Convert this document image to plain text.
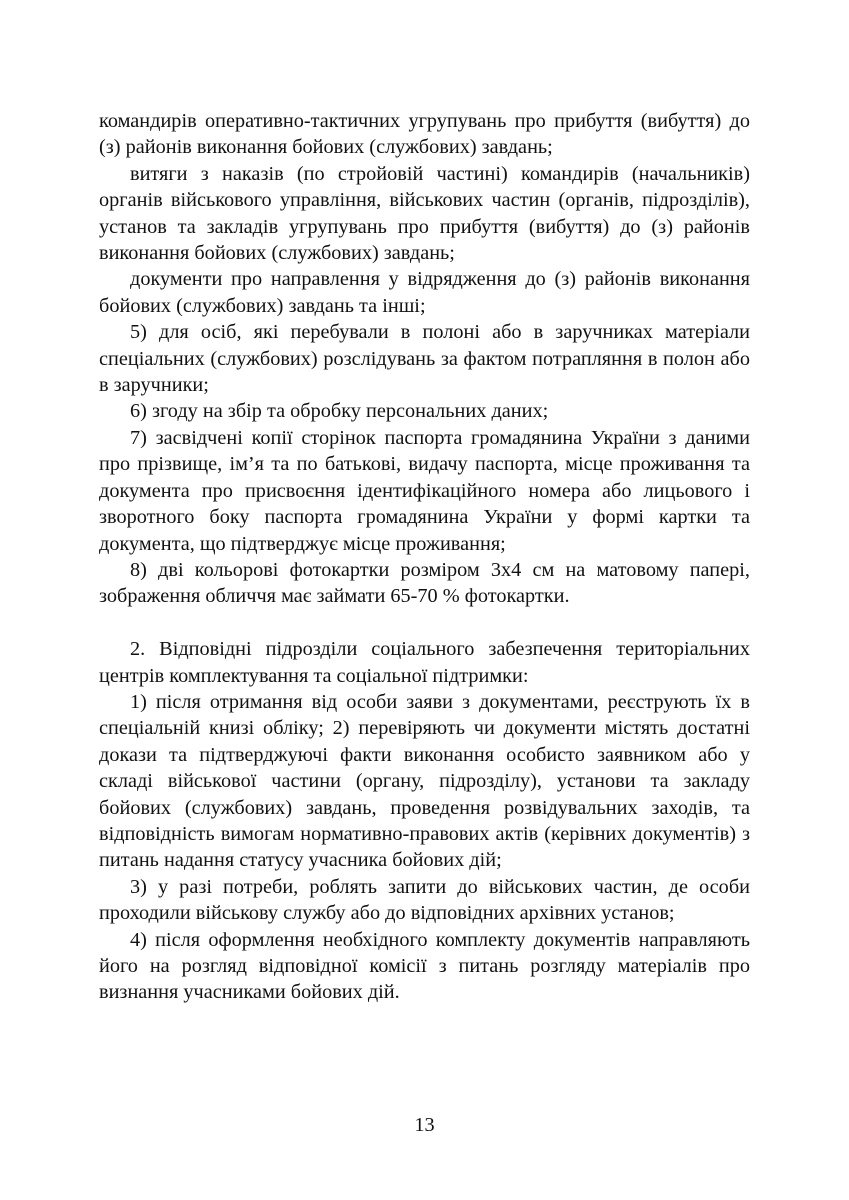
командирів оперативно-тактичних угрупувань про прибуття (вибуття) до (з) районів виконання бойових (службових) завдань;

витяги з наказів (по стройовій частині) командирів (начальників) органів військового управління, військових частин (органів, підрозділів), установ та закладів угрупувань про прибуття (вибуття) до (з) районів виконання бойових (службових) завдань;

документи про направлення у відрядження до (з) районів виконання бойових (службових) завдань та інші;

5) для осіб, які перебували в полоні або в заручниках матеріали спеціальних (службових) розслідувань за фактом потрапляння в полон або в заручники;

6) згоду на збір та обробку персональних даних;

7) засвідчені копії сторінок паспорта громадянина України з даними про прізвище, ім’я та по батькові, видачу паспорта, місце проживання та документа про присвоєння ідентифікаційного номера або лицьового і зворотного боку паспорта громадянина України у формі картки та документа, що підтверджує місце проживання;

8) дві кольорові фотокартки розміром 3x4 см на матовому папері, зображення обличчя має займати 65-70 % фотокартки.

2. Відповідні підрозділи соціального забезпечення територіальних центрів комплектування та соціальної підтримки:

1) після отримання від особи заяви з документами, реєструють їх в спеціальній книзі обліку; 2) перевіряють чи документи містять достатні докази та підтверджуючі факти виконання особисто заявником або у складі військової частини (органу, підрозділу), установи та закладу бойових (службових) завдань, проведення розвідувальних заходів, та відповідність вимогам нормативно-правових актів (керівних документів) з питань надання статусу учасника бойових дій;

3) у разі потреби, роблять запити до військових частин, де особи проходили військову службу або до відповідних архівних установ;

4) після оформлення необхідного комплекту документів направляють його на розгляд відповідної комісії з питань розгляду матеріалів про визнання учасниками бойових дій.

13
